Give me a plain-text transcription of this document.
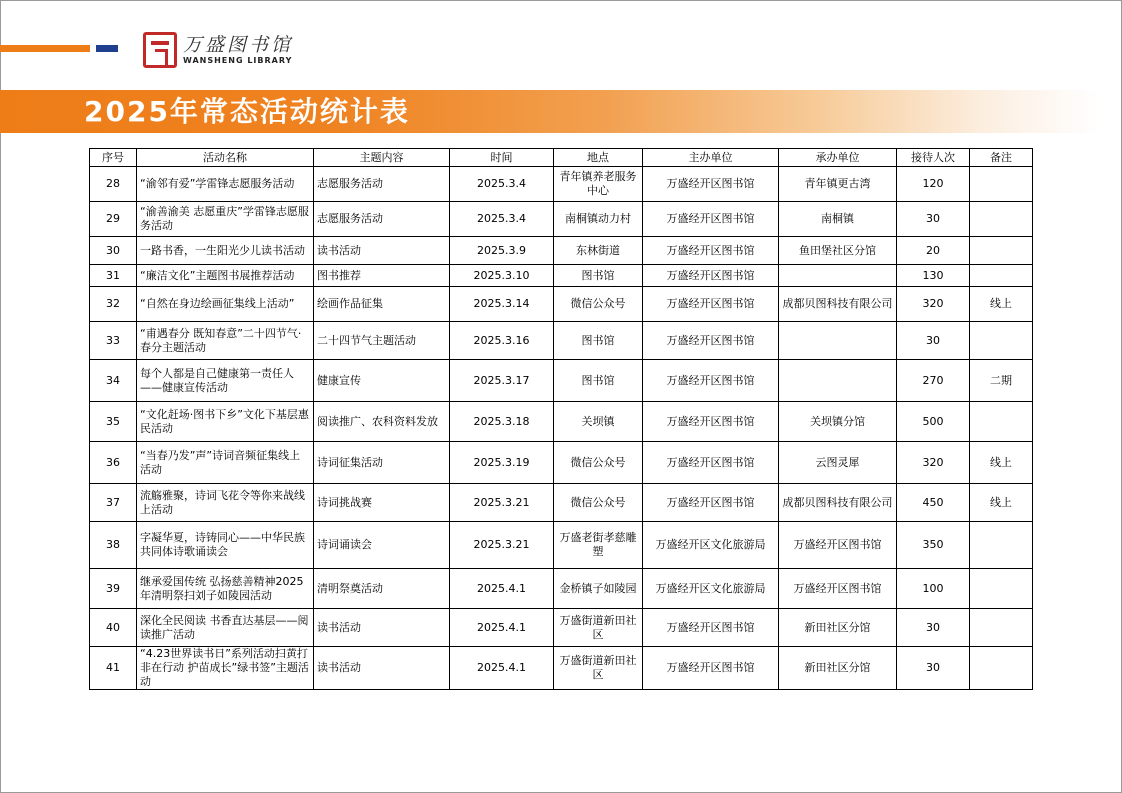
万盛图书馆
WANSHENG LIBRARY
2025年常态活动统计表
序号	活动名称	主题内容	时间	地点	主办单位	承办单位	接待人次	备注
28	“渝邻有爱”学雷锋志愿服务活动	志愿服务活动	2025.3.4	青年镇养老服务中心	万盛经开区图书馆	青年镇更古湾	120	
29	“渝善渝美 志愿重庆”学雷锋志愿服务活动	志愿服务活动	2025.3.4	南桐镇动力村	万盛经开区图书馆	南桐镇	30	
30	一路书香，一生阳光少儿读书活动	读书活动	2025.3.9	东林街道	万盛经开区图书馆	鱼田堡社区分馆	20	
31	“廉洁文化”主题图书展推荐活动	图书推荐	2025.3.10	图书馆	万盛经开区图书馆		130	
32	“自然在身边绘画征集线上活动”	绘画作品征集	2025.3.14	微信公众号	万盛经开区图书馆	成都贝图科技有限公司	320	线上
33	“甫遇春分 既知春意”二十四节气·春分主题活动	二十四节气主题活动	2025.3.16	图书馆	万盛经开区图书馆		30	
34	每个人都是自己健康第一责任人——健康宣传活动	健康宣传	2025.3.17	图书馆	万盛经开区图书馆		270	二期
35	“文化赶场·图书下乡”文化下基层惠民活动	阅读推广、农科资料发放	2025.3.18	关坝镇	万盛经开区图书馆	关坝镇分馆	500	
36	“当春乃发”声”诗词音频征集线上活动	诗词征集活动	2025.3.19	微信公众号	万盛经开区图书馆	云图灵犀	320	线上
37	流觞雅聚，诗词飞花令等你来战线上活动	诗词挑战赛	2025.3.21	微信公众号	万盛经开区图书馆	成都贝图科技有限公司	450	线上
38	字凝华夏，诗铸同心——中华民族共同体诗歌诵读会	诗词诵读会	2025.3.21	万盛老街孝慈雕塑	万盛经开区文化旅游局	万盛经开区图书馆	350	
39	继承爱国传统 弘扬慈善精神2025年清明祭扫刘子如陵园活动	清明祭奠活动	2025.4.1	金桥镇子如陵园	万盛经开区文化旅游局	万盛经开区图书馆	100	
40	深化全民阅读 书香直达基层——阅读推广活动	读书活动	2025.4.1	万盛街道新田社区	万盛经开区图书馆	新田社区分馆	30	
41	“4.23世界读书日”系列活动扫黄打非在行动 护苗成长”绿书签”主题活动	读书活动	2025.4.1	万盛街道新田社区	万盛经开区图书馆	新田社区分馆	30	
